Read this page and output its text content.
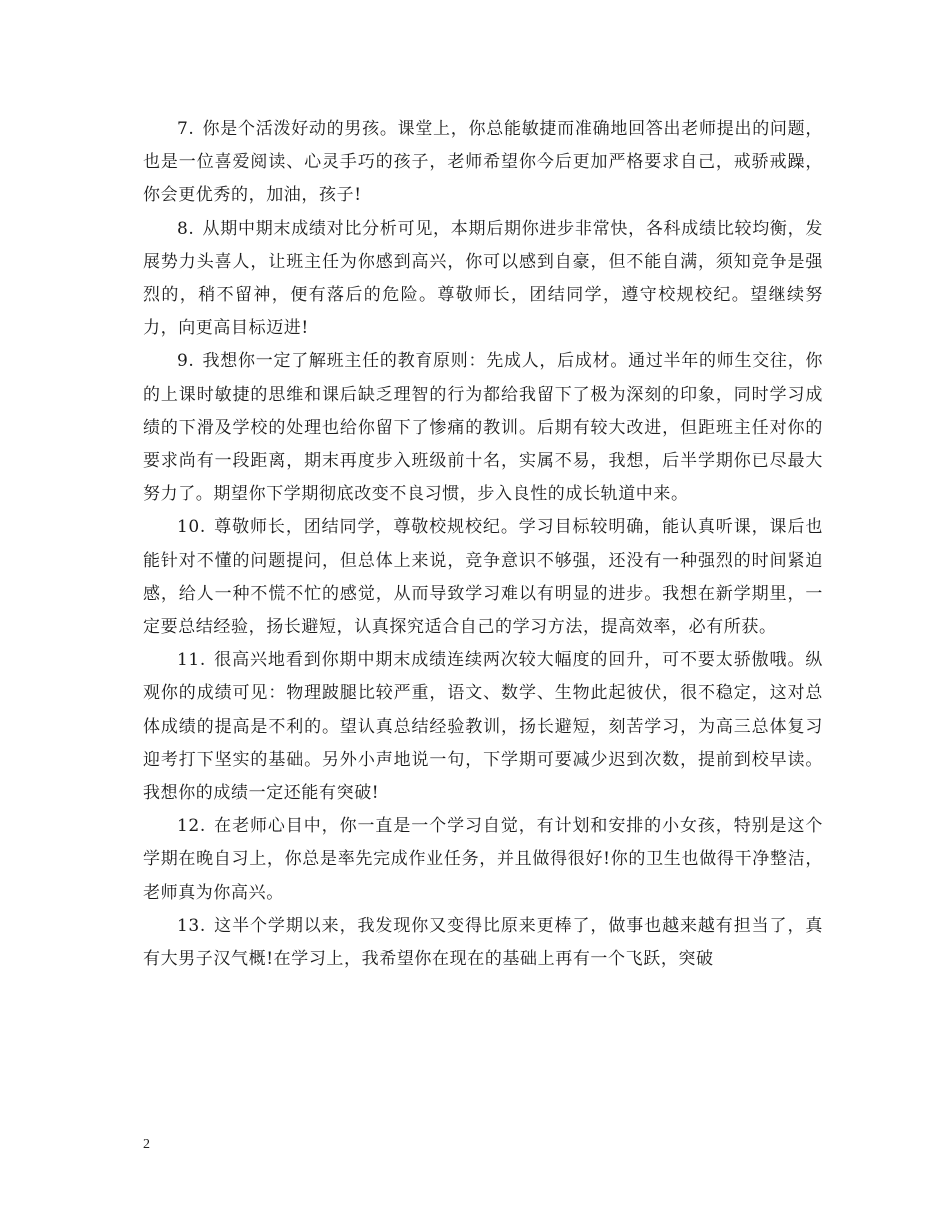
7. 你是个活泼好动的男孩。课堂上，你总能敏捷而准确地回答出老师提出的问题，也是一位喜爱阅读、心灵手巧的孩子，老师希望你今后更加严格要求自己，戒骄戒躁，你会更优秀的，加油，孩子!

8. 从期中期末成绩对比分析可见，本期后期你进步非常快，各科成绩比较均衡，发展势力头喜人，让班主任为你感到高兴，你可以感到自豪，但不能自满，须知竞争是强烈的，稍不留神，便有落后的危险。尊敬师长，团结同学，遵守校规校纪。望继续努力，向更高目标迈进!

9. 我想你一定了解班主任的教育原则：先成人，后成材。通过半年的师生交往，你的上课时敏捷的思维和课后缺乏理智的行为都给我留下了极为深刻的印象，同时学习成绩的下滑及学校的处理也给你留下了惨痛的教训。后期有较大改进，但距班主任对你的要求尚有一段距离，期末再度步入班级前十名，实属不易，我想，后半学期你已尽最大努力了。期望你下学期彻底改变不良习惯，步入良性的成长轨道中来。

10. 尊敬师长，团结同学，尊敬校规校纪。学习目标较明确，能认真听课，课后也能针对不懂的问题提问，但总体上来说，竞争意识不够强，还没有一种强烈的时间紧迫感，给人一种不慌不忙的感觉，从而导致学习难以有明显的进步。我想在新学期里，一定要总结经验，扬长避短，认真探究适合自己的学习方法，提高效率，必有所获。

11. 很高兴地看到你期中期末成绩连续两次较大幅度的回升，可不要太骄傲哦。纵观你的成绩可见：物理跛腿比较严重，语文、数学、生物此起彼伏，很不稳定，这对总体成绩的提高是不利的。望认真总结经验教训，扬长避短，刻苦学习，为高三总体复习迎考打下坚实的基础。另外小声地说一句，下学期可要减少迟到次数，提前到校早读。我想你的成绩一定还能有突破!

12. 在老师心目中，你一直是一个学习自觉，有计划和安排的小女孩，特别是这个学期在晚自习上，你总是率先完成作业任务，并且做得很好!你的卫生也做得干净整洁，老师真为你高兴。

13. 这半个学期以来，我发现你又变得比原来更棒了，做事也越来越有担当了，真有大男子汉气概!在学习上，我希望你在现在的基础上再有一个飞跃，突破

2
